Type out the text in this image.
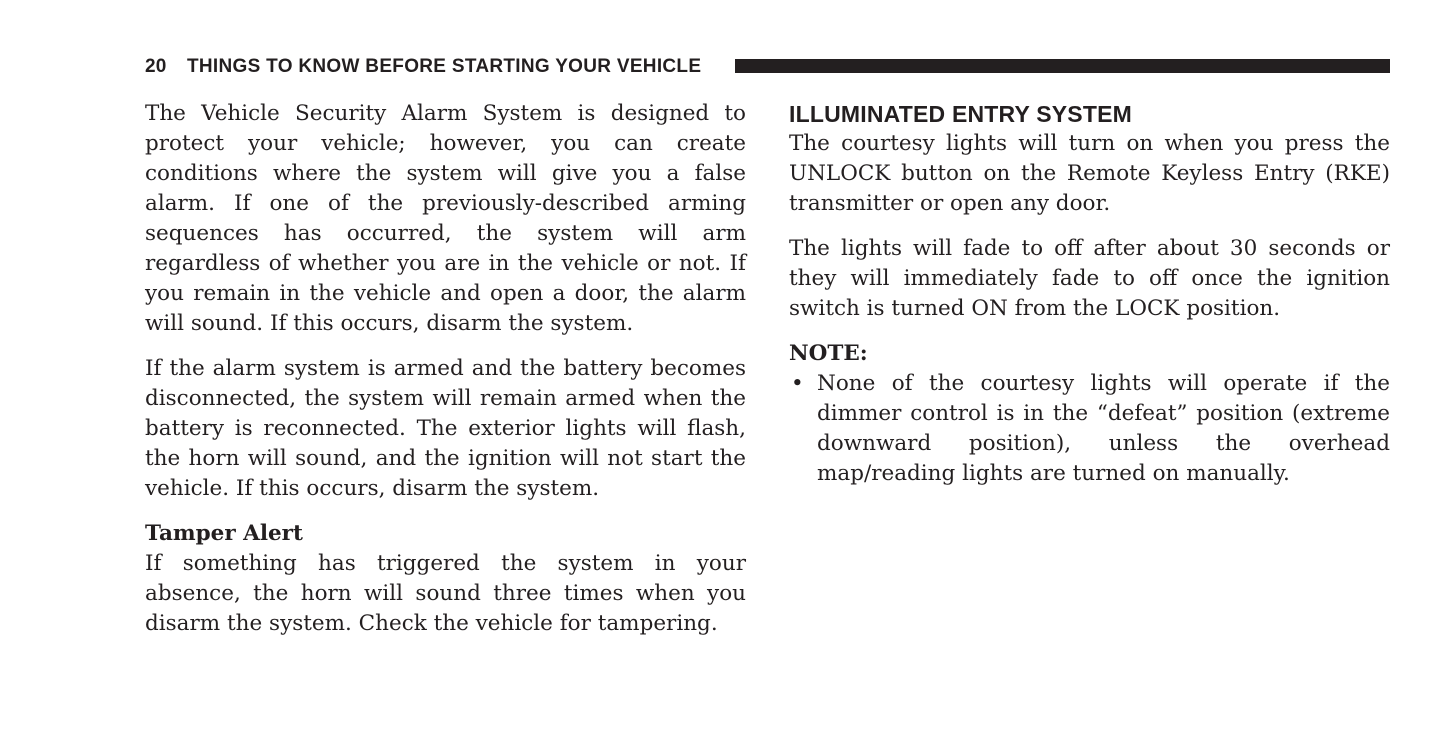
20 THINGS TO KNOW BEFORE STARTING YOUR VEHICLE

The Vehicle Security Alarm System is designed to protect your vehicle; however, you can create conditions where the system will give you a false alarm. If one of the previously-described arming sequences has occurred, the system will arm regardless of whether you are in the vehicle or not. If you remain in the vehicle and open a door, the alarm will sound. If this occurs, disarm the system.

If the alarm system is armed and the battery becomes disconnected, the system will remain armed when the battery is reconnected. The exterior lights will flash, the horn will sound, and the ignition will not start the vehicle. If this occurs, disarm the system.

Tamper Alert

If something has triggered the system in your absence, the horn will sound three times when you disarm the system. Check the vehicle for tampering.

ILLUMINATED ENTRY SYSTEM

The courtesy lights will turn on when you press the UNLOCK button on the Remote Keyless Entry (RKE) transmitter or open any door.

The lights will fade to off after about 30 seconds or they will immediately fade to off once the ignition switch is turned ON from the LOCK position.

NOTE:
• None of the courtesy lights will operate if the dimmer control is in the “defeat” position (extreme downward position), unless the overhead map/reading lights are turned on manually.
